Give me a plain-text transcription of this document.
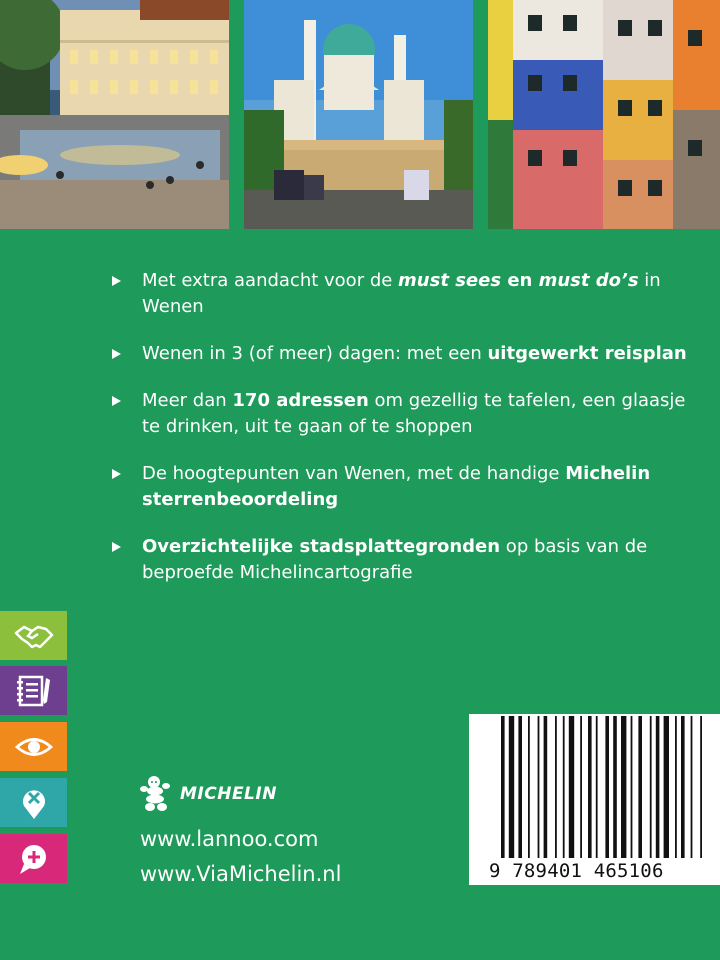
Met extra aandacht voor de must sees en must do’s in Wenen
Wenen in 3 (of meer) dagen: met een uitgewerkt reisplan
Meer dan 170 adressen om gezellig te tafelen, een glaasje te drinken, uit te gaan of te shoppen
De hoogtepunten van Wenen, met de handige Michelin sterrenbeoordeling
Overzichtelijke stadsplattegronden op basis van de beproefde Michelincartografie
MICHELIN
www.lannoo.com
www.ViaMichelin.nl	9 789401 465106
